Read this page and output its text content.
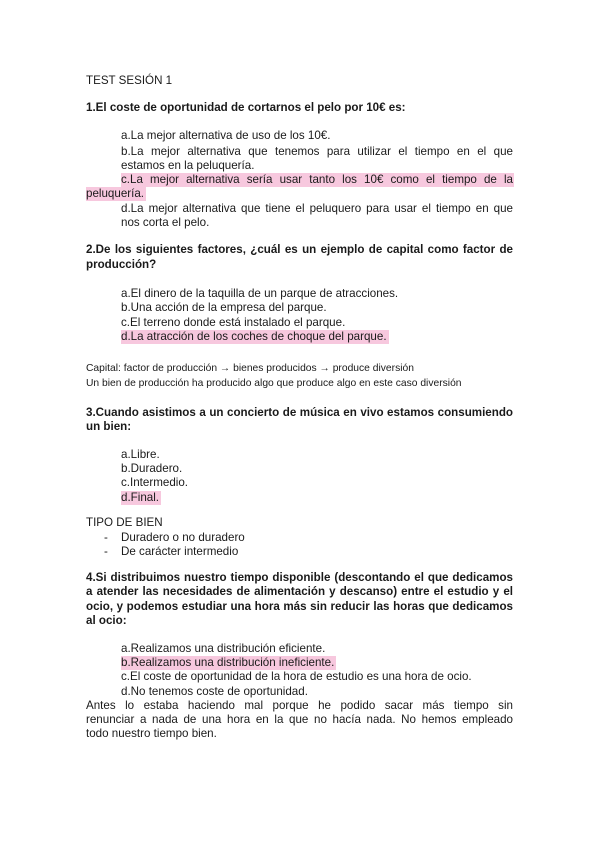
TEST SESIÓN 1
1.El coste de oportunidad de cortarnos el pelo por 10€ es:
a.La mejor alternativa de uso de los 10€.
b.La mejor alternativa que tenemos para utilizar el tiempo en el que
estamos en la peluquería.
c.La mejor alternativa sería usar tanto los 10€ como el tiempo de la
peluquería.
d.La mejor alternativa que tiene el peluquero para usar el tiempo en que
nos corta el pelo.
2.De los siguientes factores, ¿cuál es un ejemplo de capital como factor de
producción?
a.El dinero de la taquilla de un parque de atracciones.
b.Una acción de la empresa del parque.
c.El terreno donde está instalado el parque.
d.La atracción de los coches de choque del parque.
Capital: factor de producción → bienes producidos → produce diversión
Un bien de producción ha producido algo que produce algo en este caso diversión
3.Cuando asistimos a un concierto de música en vivo estamos consumiendo
un bien:
a.Libre.
b.Duradero.
c.Intermedio.
d.Final.
TIPO DE BIEN
- Duradero o no duradero
- De carácter intermedio
4.Si distribuimos nuestro tiempo disponible (descontando el que dedicamos
a atender las necesidades de alimentación y descanso) entre el estudio y el
ocio, y podemos estudiar una hora más sin reducir las horas que dedicamos
al ocio:
a.Realizamos una distribución eficiente.
b.Realizamos una distribución ineficiente.
c.El coste de oportunidad de la hora de estudio es una hora de ocio.
d.No tenemos coste de oportunidad.
Antes lo estaba haciendo mal porque he podido sacar más tiempo sin
renunciar a nada de una hora en la que no hacía nada. No hemos empleado
todo nuestro tiempo bien.
